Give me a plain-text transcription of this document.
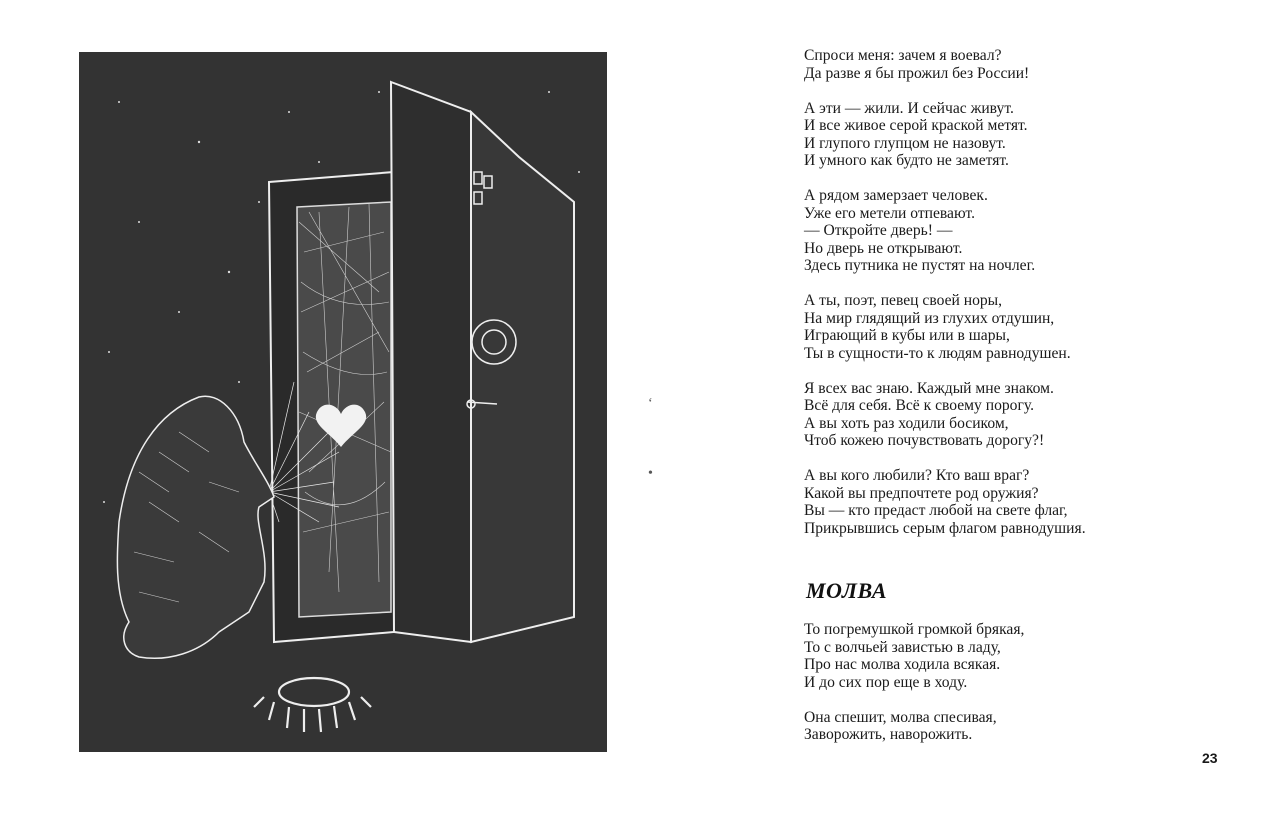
‘
•
Спроси меня: зачем я воевал?
Да разве я бы прожил без России!
А эти — жили. И сейчас живут.
И все живое серой краской метят.
И глупого глупцом не назовут.
И умного как будто не заметят.
А рядом замерзает человек.
Уже его метели отпевают.
— Откройте дверь! —
Но дверь не открывают.
Здесь путника не пустят на ночлег.
А ты, поэт, певец своей норы,
На мир глядящий из глухих отдушин,
Играющий в кубы или в шары,
Ты в сущности-то к людям равнодушен.
Я всех вас знаю. Каждый мне знаком.
Всё для себя. Всё к своему порогу.
А вы хоть раз ходили босиком,
Чтоб кожею почувствовать дорогу?!
А вы кого любили? Кто ваш враг?
Какой вы предпочтете род оружия?
Вы — кто предаст любой на свете флаг,
Прикрывшись серым флагом равнодушия.
МОЛВА
То погремушкой громкой брякая,
То с волчьей завистью в ладу,
Про нас молва ходила всякая.
И до сих пор еще в ходу.
Она спешит, молва спесивая,
Заворожить, наворожить.
23
